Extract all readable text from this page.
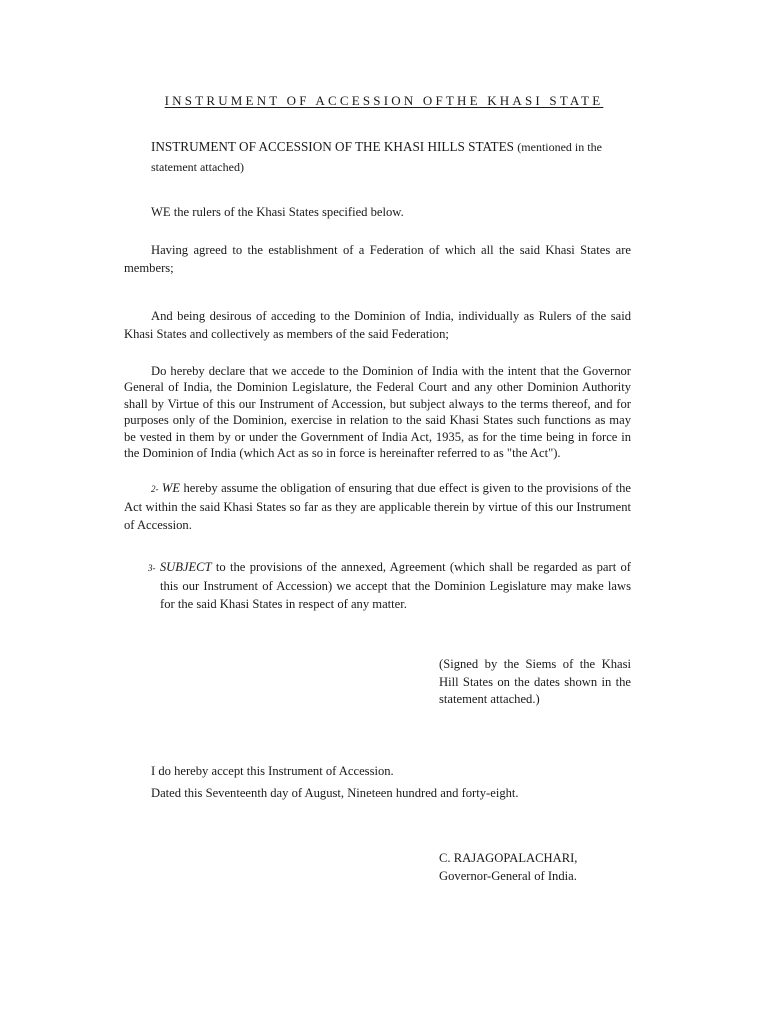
INSTRUMENT OF ACCESSION OFTHE KHASI STATE
INSTRUMENT OF ACCESSION OF THE KHASI HILLS STATES (mentioned in the
statement attached)
WE the rulers of the Khasi States specified below.
Having agreed to the establishment of a Federation of which all the said Khasi States are members;
And being desirous of acceding to the Dominion of India, individually as Rulers of the said Khasi States and collectively as members of the said Federation;
Do hereby declare that we accede to the Dominion of India with the intent that the Governor General of India, the Dominion Legislature, the Federal Court and any other Dominion Authority shall by Virtue of this our Instrument of Accession, but subject always to the terms thereof, and for purposes only of the Dominion, exercise in relation to the said Khasi States such functions as may be vested in them by or under the Government of India Act, 1935, as for the time being in force in the Dominion of India (which Act as so in force is hereinafter referred to as "the Act").
2- WE hereby assume the obligation of ensuring that due effect is given to the provisions of the Act within the said Khasi States so far as they are applicable therein by virtue of this our Instrument of Accession.
3- SUBJECT to the provisions of the annexed, Agreement (which shall be regarded as part of this our Instrument of Accession) we accept that the Dominion Legislature may make laws for the said Khasi States in respect of any matter.
(Signed by the Siems of the Khasi Hill States on the dates shown in the statement attached.)
I do hereby accept this Instrument of Accession.
Dated this Seventeenth day of August, Nineteen hundred and forty-eight.
C. RAJAGOPALACHARI,
Governor-General of India.
